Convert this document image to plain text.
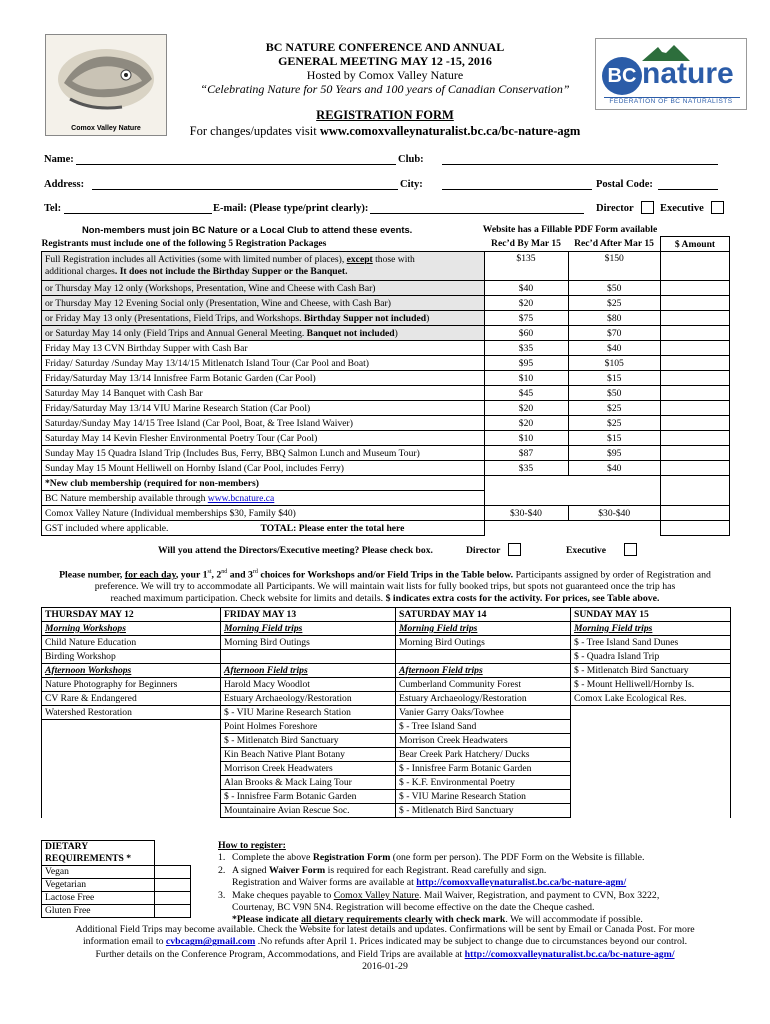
Comox Valley Nature
BC nature
FEDERATION OF BC NATURALISTS
BC NATURE CONFERENCE AND ANNUAL
GENERAL MEETING MAY 12 -15, 2016
Hosted by Comox Valley Nature
“Celebrating Nature for 50 Years and 100 years of Canadian Conservation”
REGISTRATION FORM
For changes/updates visit www.comoxvalleynaturalist.bc.ca/bc-nature-agm
Name:	Club:
Address:	City:	Postal Code:
Tel:	E-mail: (Please type/print clearly):	Director	Executive
Non-members must join BC Nature or a Local Club to attend these events.	Website has a Fillable PDF Form available
Registrants must include one of the following 5 Registration Packages	Rec’d By Mar 15	Rec’d After Mar 15	$ Amount
Full Registration includes all Activities (some with limited number of places), except those with
additional charges. It does not include the Birthday Supper or the Banquet.	$135	$150	
or Thursday May 12 only (Workshops, Presentation, Wine and Cheese with Cash Bar)	$40	$50	
or Thursday May 12 Evening Social only (Presentation, Wine and Cheese, with Cash Bar)	$20	$25	
or Friday May 13 only (Presentations, Field Trips, and Workshops. Birthday Supper not included)	$75	$80	
or Saturday May 14 only (Field Trips and Annual General Meeting. Banquet not included)	$60	$70	
Friday May 13 CVN Birthday Supper with Cash Bar	$35	$40	
Friday/ Saturday /Sunday May 13/14/15 Mitlenatch Island Tour (Car Pool and Boat)	$95	$105	
Friday/Saturday May 13/14 Innisfree Farm Botanic Garden (Car Pool)	$10	$15	
Saturday May 14 Banquet with Cash Bar	$45	$50	
Friday/Saturday May 13/14 VIU Marine Research Station (Car Pool)	$20	$25	
Saturday/Sunday May 14/15 Tree Island (Car Pool, Boat, & Tree Island Waiver)	$20	$25	
Saturday May 14 Kevin Flesher Environmental Poetry Tour (Car Pool)	$10	$15	
Sunday May 15 Quadra Island Trip (Includes Bus, Ferry, BBQ Salmon Lunch and Museum Tour)	$87	$95	
Sunday May 15 Mount Helliwell on Hornby Island (Car Pool, includes Ferry)	$35	$40	
*New club membership (required for non-members)			
BC Nature membership available through www.bcnature.ca			
Comox Valley Nature (Individual memberships $30, Family $40)	$30-$40	$30-$40	
GST included where applicable. TOTAL: Please enter the total here			
Will you attend the Directors/Executive meeting? Please check box.	Director	Executive
Please number, for each day, your 1st, 2nd and 3rd choices for Workshops and/or Field Trips in the Table below. Participants assigned by order of Registration and
preference. We will try to accommodate all Participants. We will maintain wait lists for fully booked trips, but spots not guaranteed once the trip has
reached maximum participation. Check website for limits and details. $ indicates extra costs for the activity. For prices, see Table above.
THURSDAY MAY 12	FRIDAY MAY 13	SATURDAY MAY 14	SUNDAY MAY 15
Morning Workshops	Morning Field trips	Morning Field trips	Morning Field trips
Child Nature Education	Morning Bird Outings	Morning Bird Outings	$ - Tree Island Sand Dunes
Birding Workshop			$ - Quadra Island Trip
Afternoon Workshops	Afternoon Field trips	Afternoon Field trips	$ - Mitlenatch Bird Sanctuary
Nature Photography for Beginners	Harold Macy Woodlot	Cumberland Community Forest	$ - Mount Helliwell/Hornby Is.
CV Rare & Endangered	Estuary Archaeology/Restoration	Estuary Archaeology/Restoration	Comox Lake Ecological Res.
Watershed Restoration	$ - VIU Marine Research Station	Vanier Garry Oaks/Towhee	
	Point Holmes Foreshore	$ - Tree Island Sand	
	$ - Mitlenatch Bird Sanctuary	Morrison Creek Headwaters	
	Kin Beach Native Plant Botany	Bear Creek Park Hatchery/ Ducks	
	Morrison Creek Headwaters	$ - Innisfree Farm Botanic Garden	
	Alan Brooks & Mack Laing Tour	$ - K.F. Environmental Poetry	
	$ - Innisfree Farm Botanic Garden	$ - VIU Marine Research Station	
	Mountainaire Avian Rescue Soc.	$ - Mitlenatch Bird Sanctuary	
DIETARY REQUIREMENTS *	
Vegan	
Vegetarian	
Lactose Free	
Gluten Free	
How to register:
1. Complete the above Registration Form (one form per person). The PDF Form on the Website is fillable.
2. A signed Waiver Form is required for each Registrant. Read carefully and sign.
Registration and Waiver forms are available at http://comoxvalleynaturalist.bc.ca/bc-nature-agm/
3. Make cheques payable to Comox Valley Nature. Mail Waiver, Registration, and payment to CVN, Box 3222,
Courtenay, BC V9N 5N4. Registration will become effective on the date the Cheque cashed.
*Please indicate all dietary requirements clearly with check mark. We will accommodate if possible.
Additional Field Trips may become available. Check the Website for latest details and updates. Confirmations will be sent by Email or Canada Post. For more
information email to cvbcagm@gmail.com .No refunds after April 1. Prices indicated may be subject to change due to circumstances beyond our control.
Further details on the Conference Program, Accommodations, and Field Trips are available at http://comoxvalleynaturalist.bc.ca/bc-nature-agm/
2016-01-29
